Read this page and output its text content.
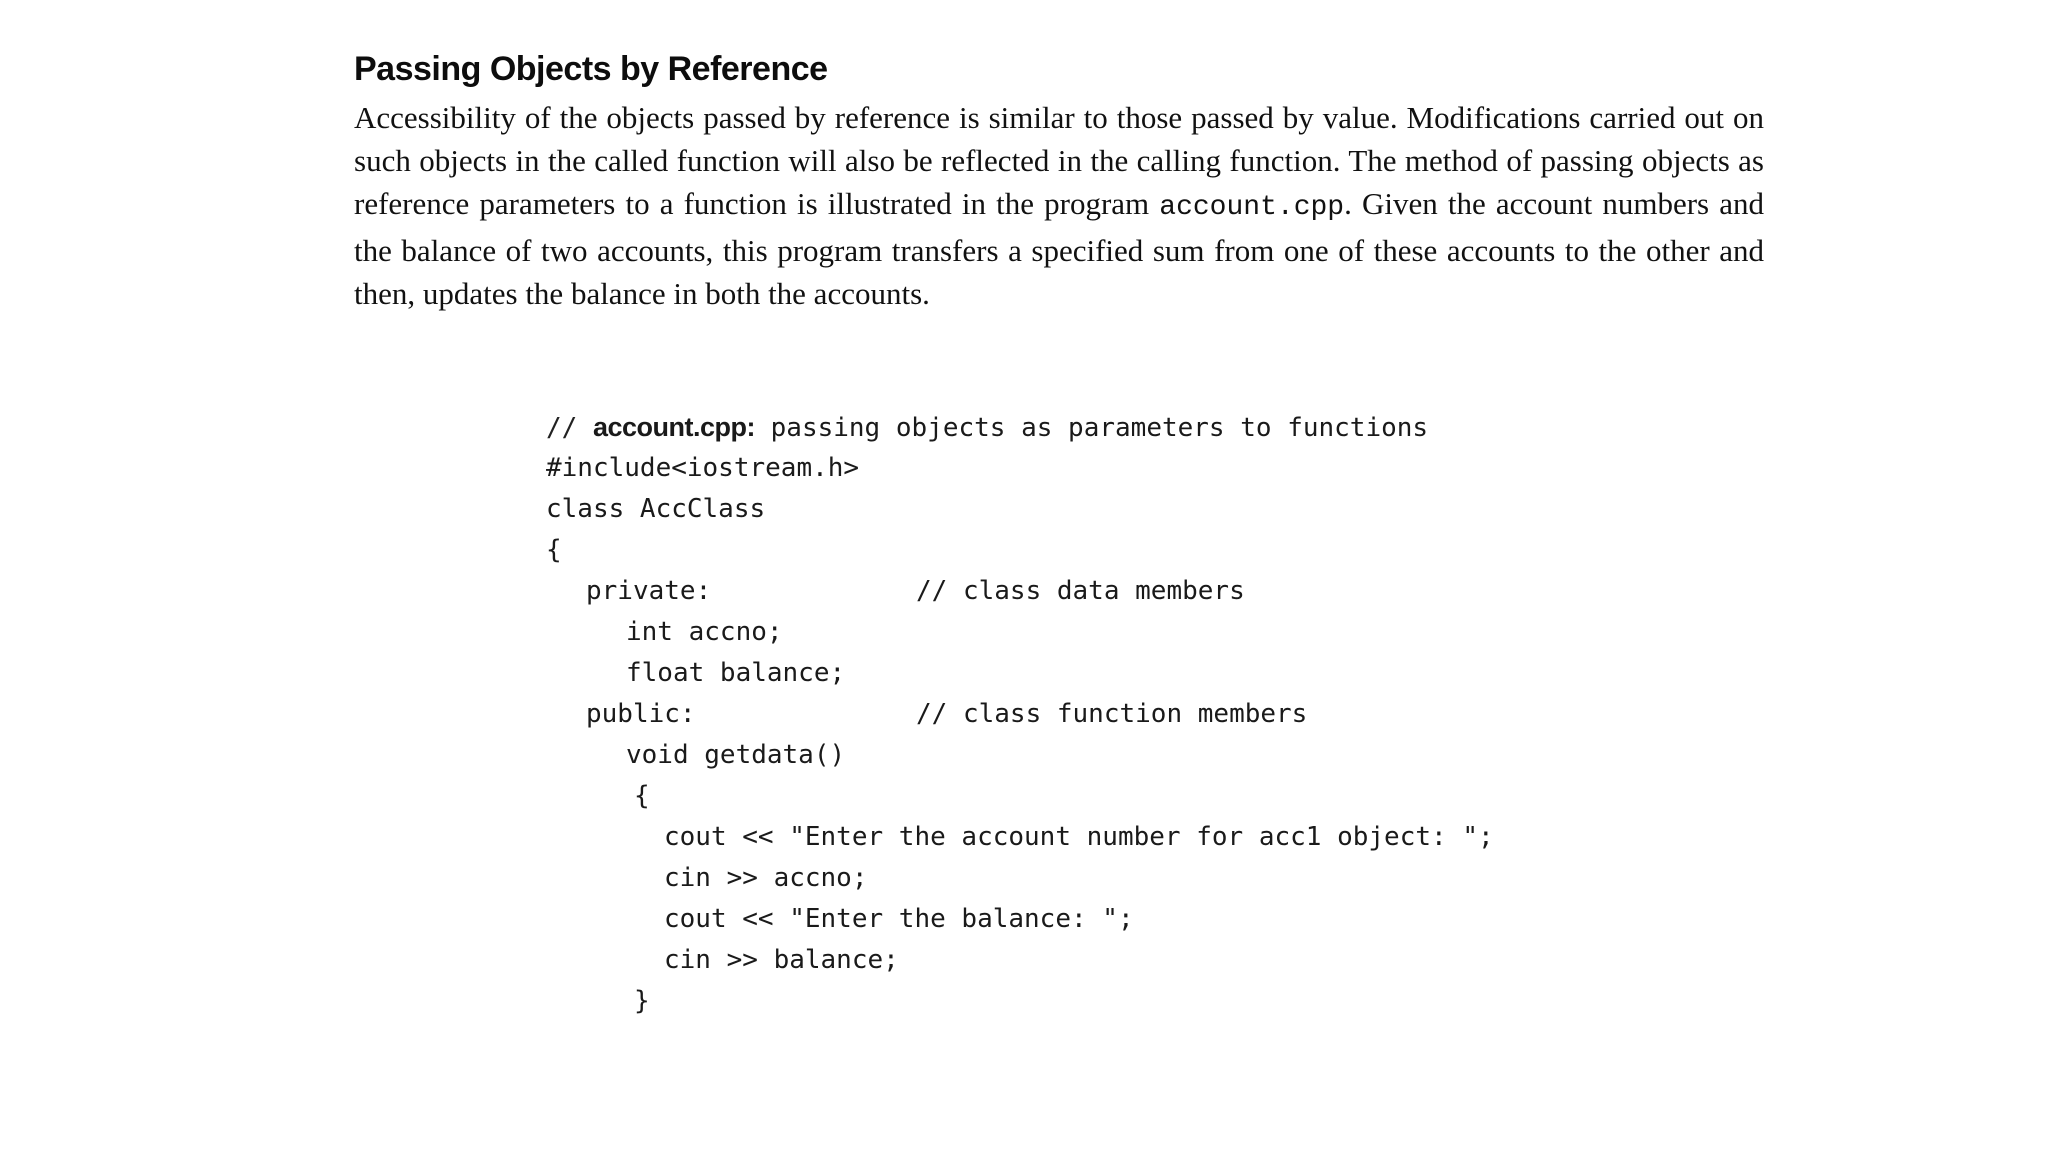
Passing Objects by Reference

Accessibility of the objects passed by reference is similar to those passed by value. Modifications carried out on such objects in the called function will also be reflected in the calling function. The method of passing objects as reference parameters to a function is illustrated in the program account.cpp. Given the account numbers and the balance of two accounts, this program transfers a specified sum from one of these accounts to the other and then, updates the balance in both the accounts.

// account.cpp: passing objects as parameters to functions
#include<iostream.h>
class AccClass
{
private:
int accno;
float balance;
public:
void getdata()
{
cout << "Enter the account number for acc1 object: ";
cin >> accno;
cout << "Enter the balance: ";
cin >> balance;
}
// class data members
// class function members
